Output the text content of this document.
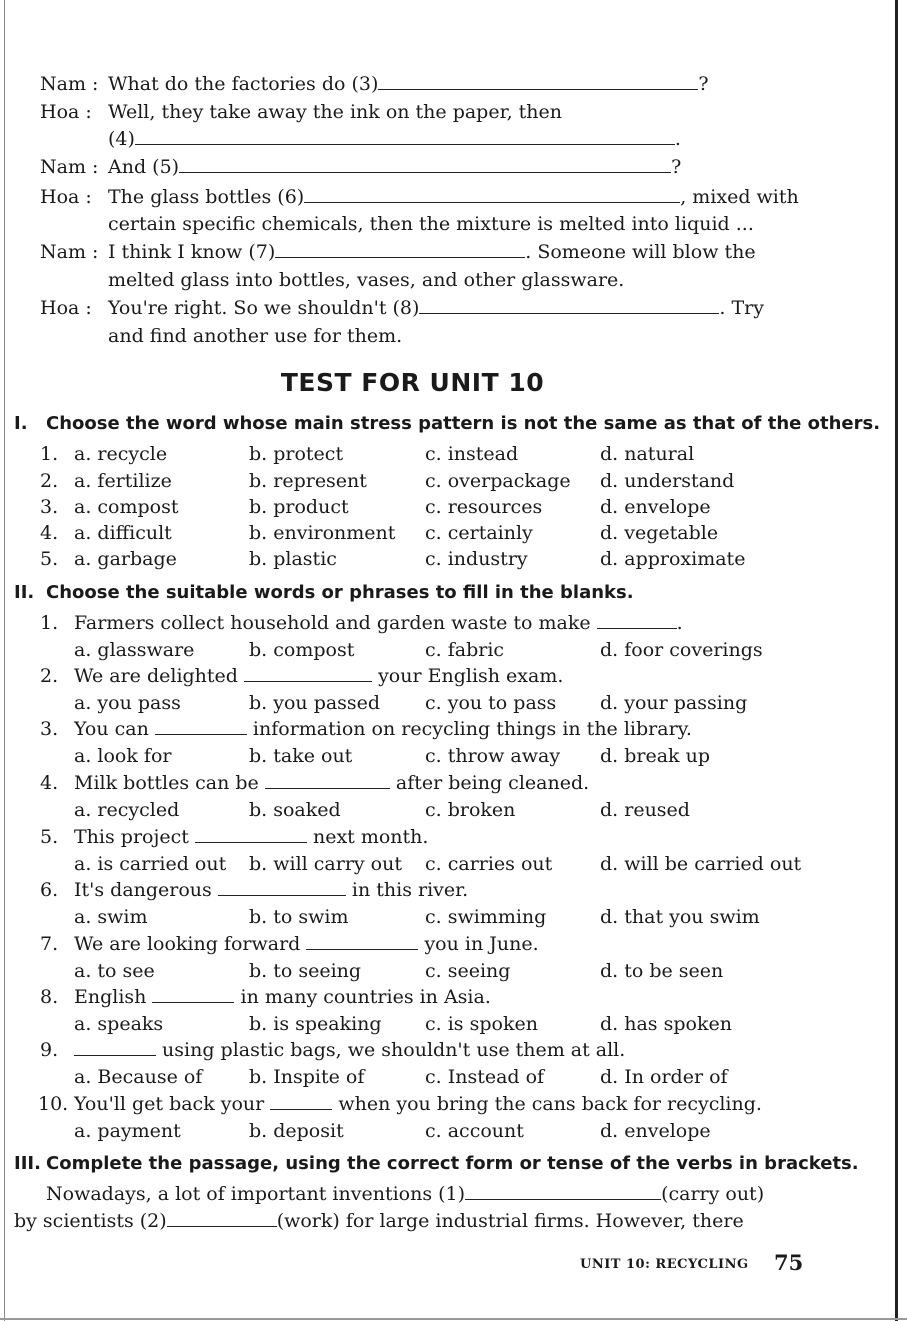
Nam : What do the factories do (3)	?
Hoa : Well, they take away the ink on the paper, then
(4)	.
Nam : And (5)	?
Hoa : The glass bottles (6)	, mixed with
certain specific chemicals, then the mixture is melted into liquid ...
Nam : I think I know (7)	. Someone will blow the
melted glass into bottles, vases, and other glassware.
Hoa : You're right. So we shouldn't (8)	. Try
and find another use for them.
TEST FOR UNIT 10
I. Choose the word whose main stress pattern is not the same as that of the others.
1. a. recycle	b. protect	c. instead	d. natural
2. a. fertilize	b. represent	c. overpackage d. understand
3. a. compost	b. product	c. resources	d. envelope
4. a. difficult	b. environment c. certainly	d. vegetable
5. a. garbage	b. plastic	c. industry	d. approximate
II. Choose the suitable words or phrases to fill in the blanks.
1. Farmers collect household and garden waste to make	.
a. glassware	b. compost	c. fabric	d. foor coverings
2. We are delighted	your English exam.
a. you pass	b. you passed c. you to pass d. your passing
3. You can	information on recycling things in the library.
a. look for	b. take out	c. throw away d. break up
4. Milk bottles can be	after being cleaned.
a. recycled	b. soaked	c. broken	d. reused
5. This project	next month.
a. is carried out b. will carry out c. carries out	d. will be carried out
6. It's dangerous	in this river.
a. swim	b. to swim	c. swimming	d. that you swim
7. We are looking forward	you in June.
a. to see	b. to seeing	c. seeing	d. to be seen
8. English	in many countries in Asia.
a. speaks	b. is speaking c. is spoken	d. has spoken
9.	using plastic bags, we shouldn't use them at all.
a. Because of b. Inspite of	c. Instead of	d. In order of
10. You'll get back your	when you bring the cans back for recycling.
a. payment	b. deposit	c. account	d. envelope
III. Complete the passage, using the correct form or tense of the verbs in brackets.
Nowadays, a lot of important inventions (1)	(carry out)
by scientists (2)	(work) for large industrial firms. However, there
UNIT 10: RECYCLING 75
